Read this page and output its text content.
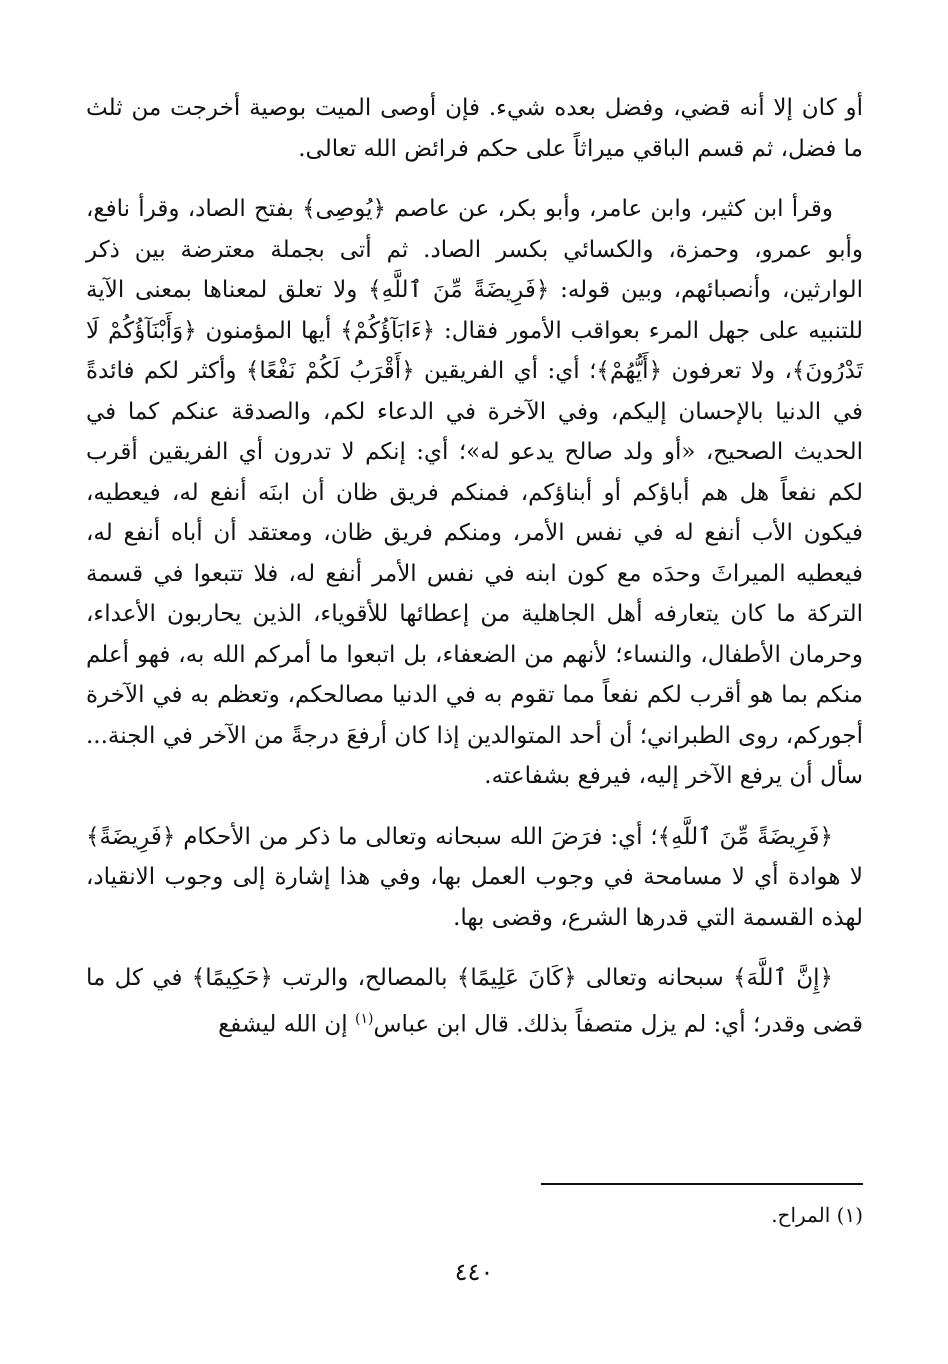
أو كان إلا أنه قضي، وفضل بعده شيء. فإن أوصى الميت بوصية أخرجت من ثلث ما فضل، ثم قسم الباقي ميراثاً على حكم فرائض الله تعالى.

وقرأ ابن كثير، وابن عامر، وأبو بكر، عن عاصم ﴿يُوصِى﴾ بفتح الصاد، وقرأ نافع، وأبو عمرو، وحمزة، والكسائي بكسر الصاد. ثم أتى بجملة معترضة بين ذكر الوارثين، وأنصبائهم، وبين قوله: ﴿فَرِيضَةً مِّنَ ٱللَّهِ﴾ ولا تعلق لمعناها بمعنى الآية للتنبيه على جهل المرء بعواقب الأمور فقال: ﴿ءَابَآؤُكُمْ﴾ أيها المؤمنون ﴿وَأَبْنَآؤُكُمْ لَا تَدْرُونَ﴾، ولا تعرفون ﴿أَيُّهُمْ﴾؛ أي: أي الفريقين ﴿أَقْرَبُ لَكُمْ نَفْعًا﴾ وأكثر لكم فائدةً في الدنيا بالإحسان إليكم، وفي الآخرة في الدعاء لكم، والصدقة عنكم كما في الحديث الصحيح، «أو ولد صالح يدعو له»؛ أي: إنكم لا تدرون أي الفريقين أقرب لكم نفعاً هل هم أباؤكم أو أبناؤكم، فمنكم فريق ظان أن ابنَه أنفع له، فيعطيه، فيكون الأب أنفع له في نفس الأمر، ومنكم فريق ظان، ومعتقد أن أباه أنفع له، فيعطيه الميراثَ وحدَه مع كون ابنه في نفس الأمر أنفع له، فلا تتبعوا في قسمة التركة ما كان يتعارفه أهل الجاهلية من إعطائها للأقوياء، الذين يحاربون الأعداء، وحرمان الأطفال، والنساء؛ لأنهم من الضعفاء، بل اتبعوا ما أمركم الله به، فهو أعلم منكم بما هو أقرب لكم نفعاً مما تقوم به في الدنيا مصالحكم، وتعظم به في الآخرة أجوركم، روى الطبراني؛ أن أحد المتوالدين إذا كان أرفعَ درجةً من الآخر في الجنة... سأل أن يرفع الآخر إليه، فيرفع بشفاعته.

﴿فَرِيضَةً مِّنَ ٱللَّهِ﴾؛ أي: فرَضَ الله سبحانه وتعالى ما ذكر من الأحكام ﴿فَرِيضَةً﴾ لا هوادة أي لا مسامحة في وجوب العمل بها، وفي هذا إشارة إلى وجوب الانقياد، لهذه القسمة التي قدرها الشرع، وقضى بها.

﴿إِنَّ ٱللَّهَ﴾ سبحانه وتعالى ﴿كَانَ عَلِيمًا﴾ بالمصالح، والرتب ﴿حَكِيمًا﴾ في كل ما قضى وقدر؛ أي: لم يزل متصفاً بذلك. قال ابن عباس$^{(١)}$ إن الله ليشفع

(١) المراح.
٤٤٠
